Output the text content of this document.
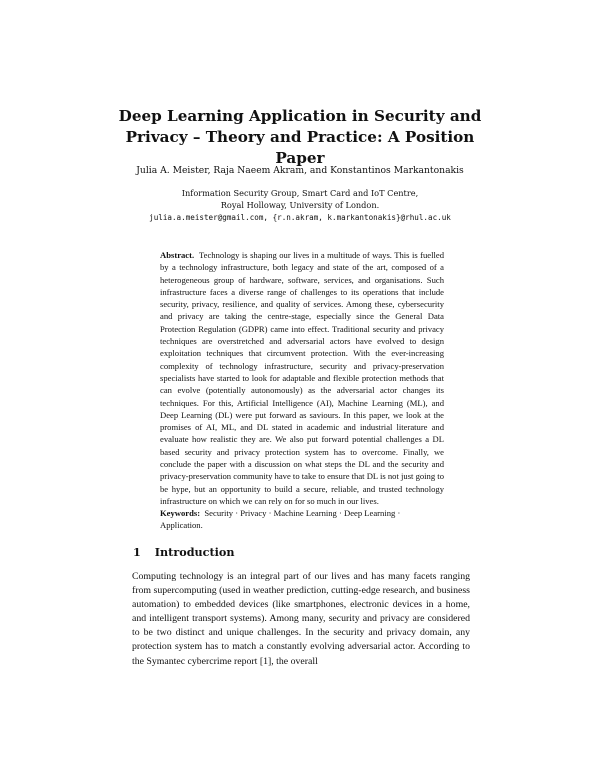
Deep Learning Application in Security and
Privacy – Theory and Practice: A Position Paper

Julia A. Meister, Raja Naeem Akram, and Konstantinos Markantonakis

Information Security Group, Smart Card and IoT Centre,
Royal Holloway, University of London.
julia.a.meister@gmail.com, {r.n.akram, k.markantonakis}@rhul.ac.uk

Abstract. Technology is shaping our lives in a multitude of ways. This is fuelled by a technology infrastructure, both legacy and state of the art, composed of a heterogeneous group of hardware, software, services, and organisations. Such infrastructure faces a diverse range of challenges to its operations that include security, privacy, resilience, and quality of services. Among these, cybersecurity and privacy are taking the centre-stage, especially since the General Data Protection Regulation (GDPR) came into effect. Traditional security and privacy techniques are overstretched and adversarial actors have evolved to design exploitation techniques that circumvent protection. With the ever-increasing complexity of technology infrastructure, security and privacy-preservation specialists have started to look for adaptable and flexible protection methods that can evolve (potentially autonomously) as the adversarial actor changes its techniques. For this, Artificial Intelligence (AI), Machine Learning (ML), and Deep Learning (DL) were put forward as saviours. In this paper, we look at the promises of AI, ML, and DL stated in academic and industrial literature and evaluate how realistic they are. We also put forward potential challenges a DL based security and privacy protection system has to overcome. Finally, we conclude the paper with a discussion on what steps the DL and the security and privacy-preservation community have to take to ensure that DL is not just going to be hype, but an opportunity to build a secure, reliable, and trusted technology infrastructure on which we can rely on for so much in our lives.

Keywords: Security · Privacy · Machine Learning · Deep Learning · Application.

1 Introduction

Computing technology is an integral part of our lives and has many facets ranging from supercomputing (used in weather prediction, cutting-edge research, and business automation) to embedded devices (like smartphones, electronic devices in a home, and intelligent transport systems). Among many, security and privacy are considered to be two distinct and unique challenges. In the security and privacy domain, any protection system has to match a constantly evolving adversarial actor. According to the Symantec cybercrime report [1], the overall
